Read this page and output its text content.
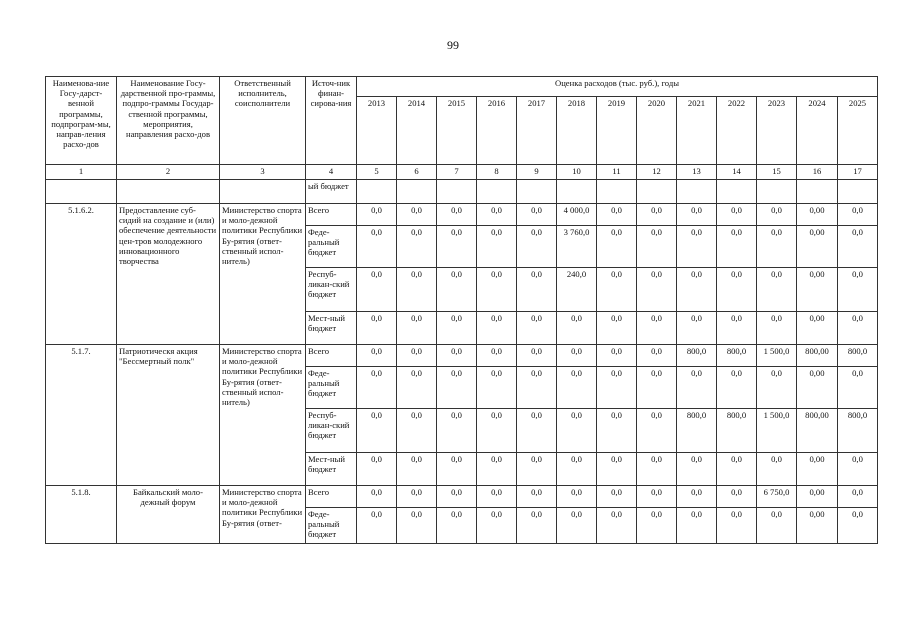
99
Наименова-ние Госу-дарст-венной программы, подпрограм-мы, направ-ления расхо-дов	Наименование Госу-дарственной про-граммы, подпро-граммы Государ-ственной программы, мероприятия, направления расхо-дов	Ответственный исполнитель, соисполнители	Источ-ник финан-сирова-ния	Оценка расходов (тыс. руб.), годы												
				2013	2014	2015	2016	2017	2018	2019	2020	2021	2022	2023	2024	2025
1	2	3	4	5	6	7	8	9	10	11	12	13	14	15	16	17
			ый бюджет													
5.1.6.2.	Предоставление суб-сидий на создание и (или) обеспечение деятельности цен-тров молодежного инновационного творчества	Министерство спорта и моло-дежной политики Республики Бу-рятия (ответ-ственный испол-нитель)	Всего	0,0	0,0	0,0	0,0	0,0	4 000,0	0,0	0,0	0,0	0,0	0,0	0,00	0,0
			Феде-ральный бюджет	0,0	0,0	0,0	0,0	0,0	3 760,0	0,0	0,0	0,0	0,0	0,0	0,00	0,0
			Респуб-ликан-ский бюджет	0,0	0,0	0,0	0,0	0,0	240,0	0,0	0,0	0,0	0,0	0,0	0,00	0,0
			Мест-ный бюджет	0,0	0,0	0,0	0,0	0,0	0,0	0,0	0,0	0,0	0,0	0,0	0,00	0,0
5.1.7.	Патриотическя акция "Бессмертный полк"	Министерство спорта и моло-дежной политики Республики Бу-рятия (ответ-ственный испол-нитель)	Всего	0,0	0,0	0,0	0,0	0,0	0,0	0,0	0,0	800,0	800,0	1 500,0	800,00	800,0
			Феде-ральный бюджет	0,0	0,0	0,0	0,0	0,0	0,0	0,0	0,0	0,0	0,0	0,0	0,00	0,0
			Респуб-ликан-ский бюджет	0,0	0,0	0,0	0,0	0,0	0,0	0,0	0,0	800,0	800,0	1 500,0	800,00	800,0
			Мест-ный бюджет	0,0	0,0	0,0	0,0	0,0	0,0	0,0	0,0	0,0	0,0	0,0	0,00	0,0
5.1.8.	Байкальский моло-дежный форум	Министерство спорта и моло-дежной политики Республики Бу-рятия (ответ-	Всего	0,0	0,0	0,0	0,0	0,0	0,0	0,0	0,0	0,0	0,0	6 750,0	0,00	0,0
			Феде-ральный бюджет	0,0	0,0	0,0	0,0	0,0	0,0	0,0	0,0	0,0	0,0	0,0	0,00	0,0
